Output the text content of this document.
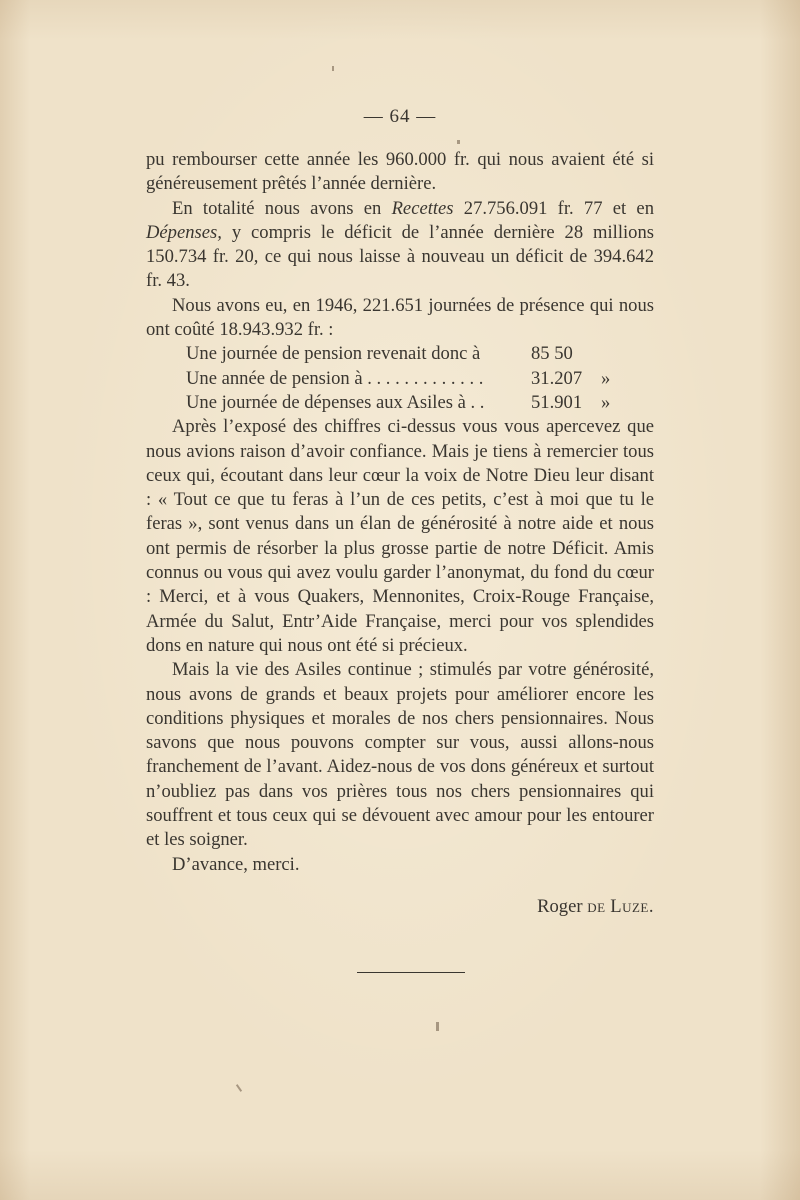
— 64 —

pu rembourser cette année les 960.000 fr. qui nous avaient été si généreusement prêtés l’année dernière.

En totalité nous avons en Recettes 27.756.091 fr. 77 et en Dépenses, y compris le déficit de l’année dernière 28 millions 150.734 fr. 20, ce qui nous laisse à nouveau un déficit de 394.642 fr. 43.

Nous avons eu, en 1946, 221.651 journées de présence qui nous ont coûté 18.943.932 fr. :

Une journée de pension revenait donc à	85 50
Une année de pension à . . . . . . . . . . . . .	31.207	»
Une journée de dépenses aux Asiles à . .	51.901	»

Après l’exposé des chiffres ci-dessus vous vous apercevez que nous avions raison d’avoir confiance. Mais je tiens à remercier tous ceux qui, écoutant dans leur cœur la voix de Notre Dieu leur disant : « Tout ce que tu feras à l’un de ces petits, c’est à moi que tu le feras », sont venus dans un élan de générosité à notre aide et nous ont permis de résorber la plus grosse partie de notre Déficit. Amis connus ou vous qui avez voulu garder l’anonymat, du fond du cœur : Merci, et à vous Quakers, Mennonites, Croix-Rouge Française, Armée du Salut, Entr’Aide Française, merci pour vos splendides dons en nature qui nous ont été si précieux.

Mais la vie des Asiles continue ; stimulés par votre générosité, nous avons de grands et beaux projets pour améliorer encore les conditions physiques et morales de nos chers pensionnaires. Nous savons que nous pouvons compter sur vous, aussi allons-nous franchement de l’avant. Aidez-nous de vos dons généreux et surtout n’oubliez pas dans vos prières tous nos chers pensionnaires qui souffrent et tous ceux qui se dévouent avec amour pour les entourer et les soigner.

D’avance, merci.

Roger de Luze.
